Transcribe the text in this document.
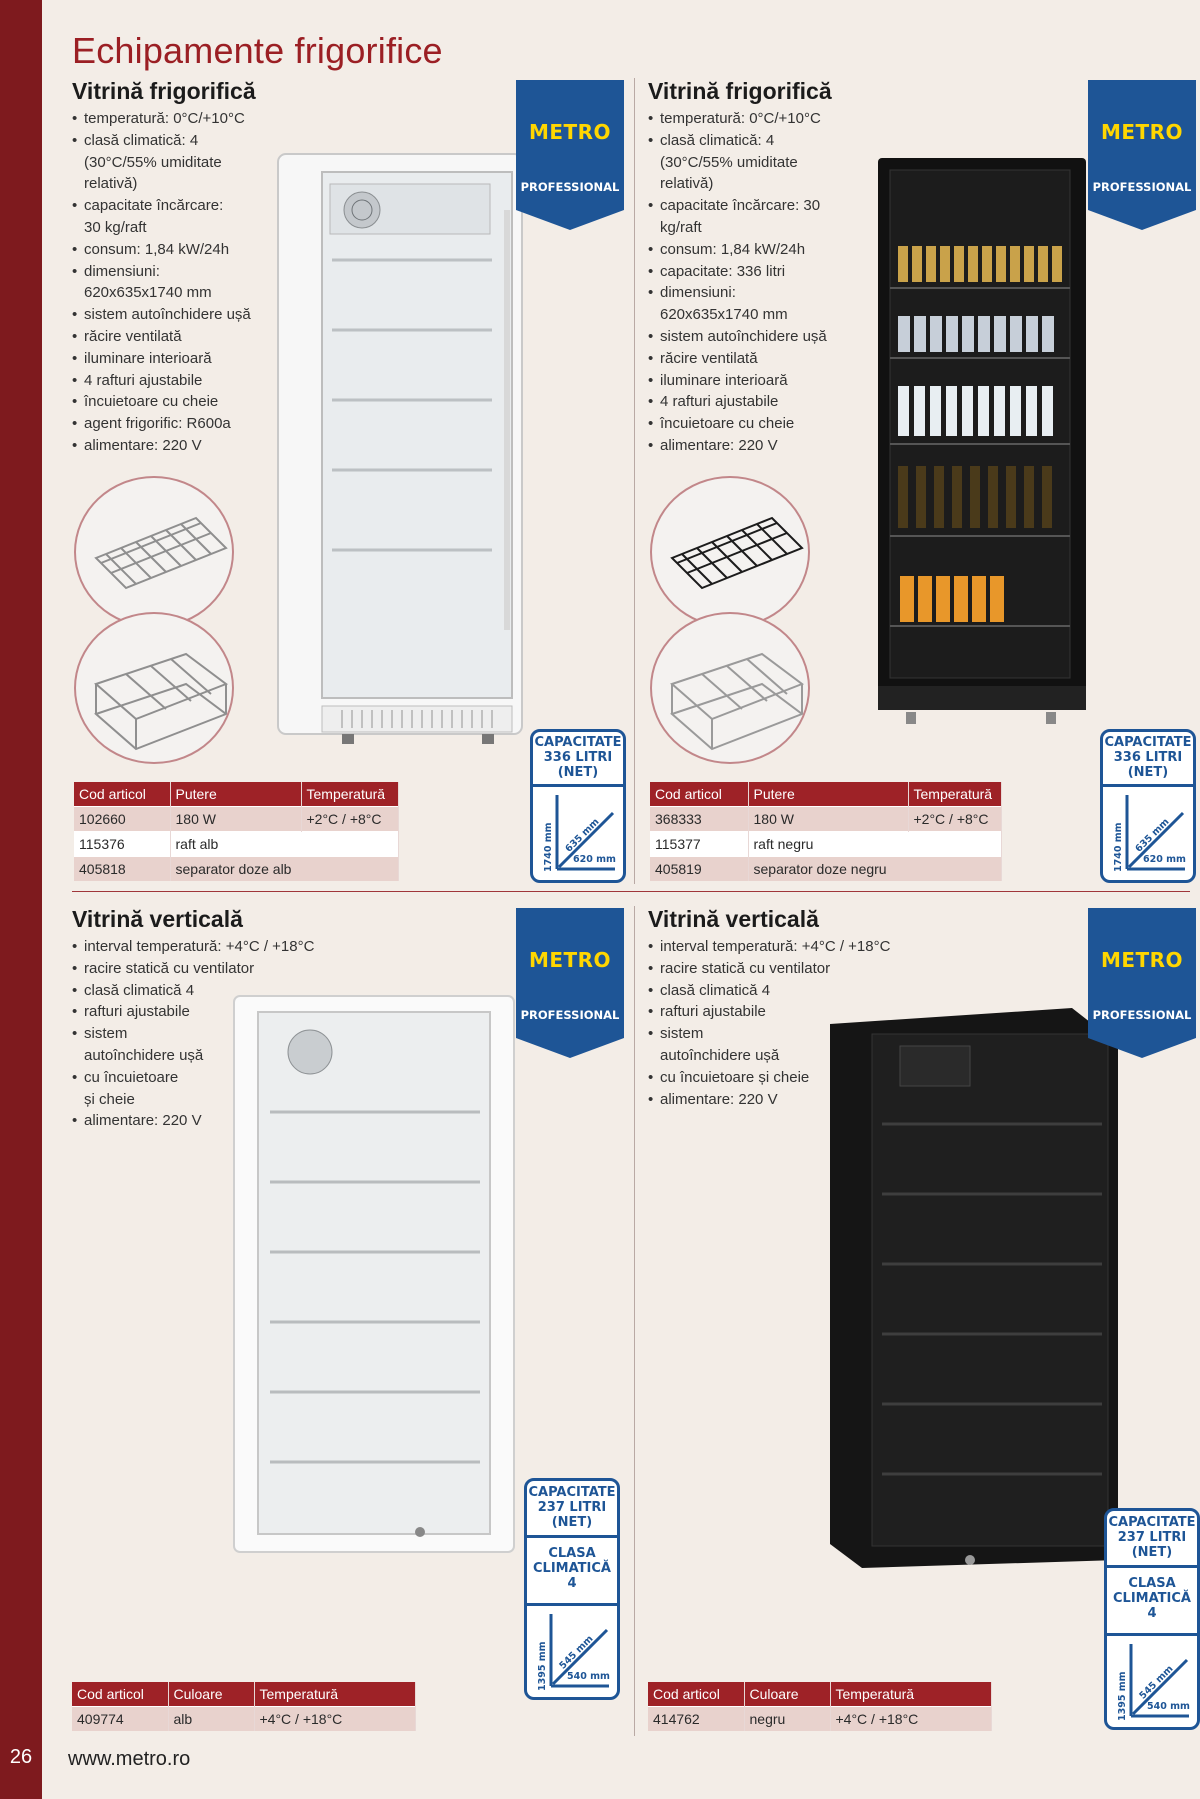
26
Echipamente frigorifice
www.metro.ro
Vitrină frigorifică
• temperatură: 0°C/+10°C
• clasă climatică: 4
(30°C/55% umiditate
relativă)
• capacitate încărcare:
30 kg/raft
• consum: 1,84 kW/24h
• dimensiuni:
620x635x1740 mm
• sistem autoînchidere ușă
• răcire ventilată
• iluminare interioară
• 4 rafturi ajustabile
• încuietoare cu cheie
• agent frigorific: R600a
• alimentare: 220 V
Cod articol	Putere	Temperatură
102660	180 W	+2°C / +8°C
115376	raft alb	
405818	separator doze alb	
METRO
PROFESSIONAL
CAPACITATE
336 LITRI
(NET)
1740 mm 635 mm
620 mm
Vitrină frigorifică
• temperatură: 0°C/+10°C
• clasă climatică: 4
(30°C/55% umiditate
relativă)
• capacitate încărcare: 30
kg/raft
• consum: 1,84 kW/24h
• capacitate: 336 litri
• dimensiuni:
620x635x1740 mm
• sistem autoînchidere ușă
• răcire ventilată
• iluminare interioară
• 4 rafturi ajustabile
• încuietoare cu cheie
• alimentare: 220 V
Cod articol	Putere	Temperatură
368333	180 W	+2°C / +8°C
115377	raft negru	
405819	separator doze negru	
METRO
PROFESSIONAL
CAPACITATE
336 LITRI
(NET)
1740 mm 635 mm
620 mm
Vitrină verticală
• interval temperatură: +4°C / +18°C
• racire statică cu ventilator
• clasă climatică 4
• rafturi ajustabile
• sistem
autoînchidere ușă
• cu încuietoare
și cheie
• alimentare: 220 V
Cod articol	Culoare	Temperatură
409774	alb	+4°C / +18°C
METRO
PROFESSIONAL
CAPACITATE
237 LITRI
(NET)
CLASA
CLIMATICĂ
4
1395 mm 545 mm
540 mm
Vitrină verticală
• interval temperatură: +4°C / +18°C
• racire statică cu ventilator
• clasă climatică 4
• rafturi ajustabile
• sistem
autoînchidere ușă
• cu încuietoare și cheie
• alimentare: 220 V
Cod articol	Culoare	Temperatură
414762	negru	+4°C / +18°C
METRO
PROFESSIONAL
CAPACITATE
237 LITRI
(NET)
CLASA
CLIMATICĂ
4
1395 mm 545 mm
540 mm
